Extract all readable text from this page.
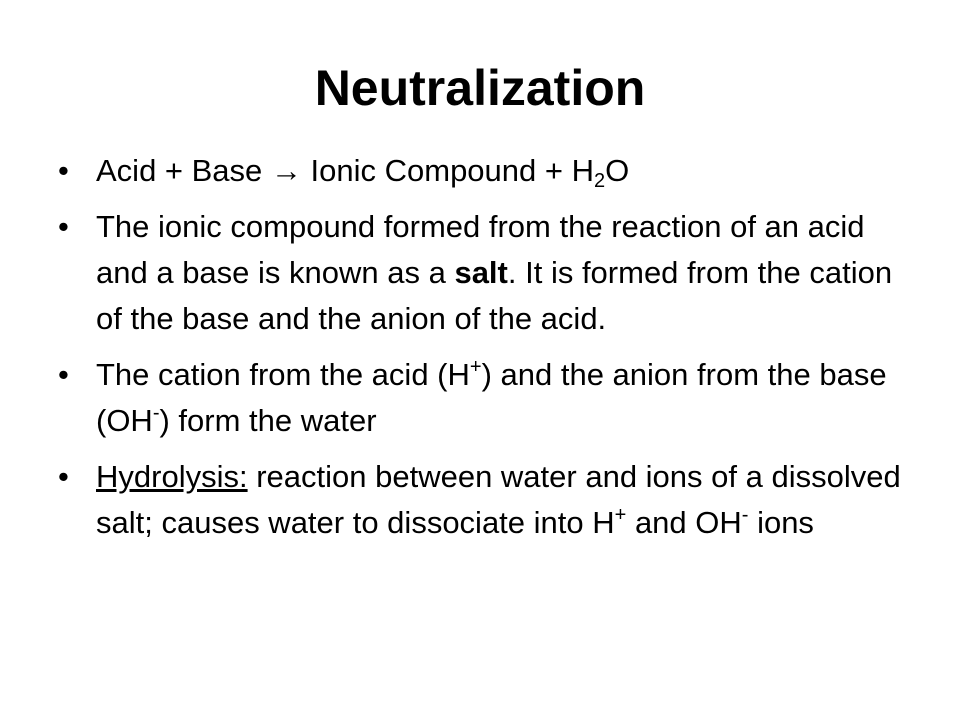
Neutralization
• Acid + Base → Ionic Compound + $H_2O$
• The ionic compound formed from the reaction of an acid and a base is known as a salt. It is formed from the cation of the base and the anion of the acid.
• The cation from the acid (H+) and the anion from the base (OH-) form the water
• Hydrolysis: reaction between water and ions of a dissolved salt; causes water to dissociate into H+ and OH- ions
